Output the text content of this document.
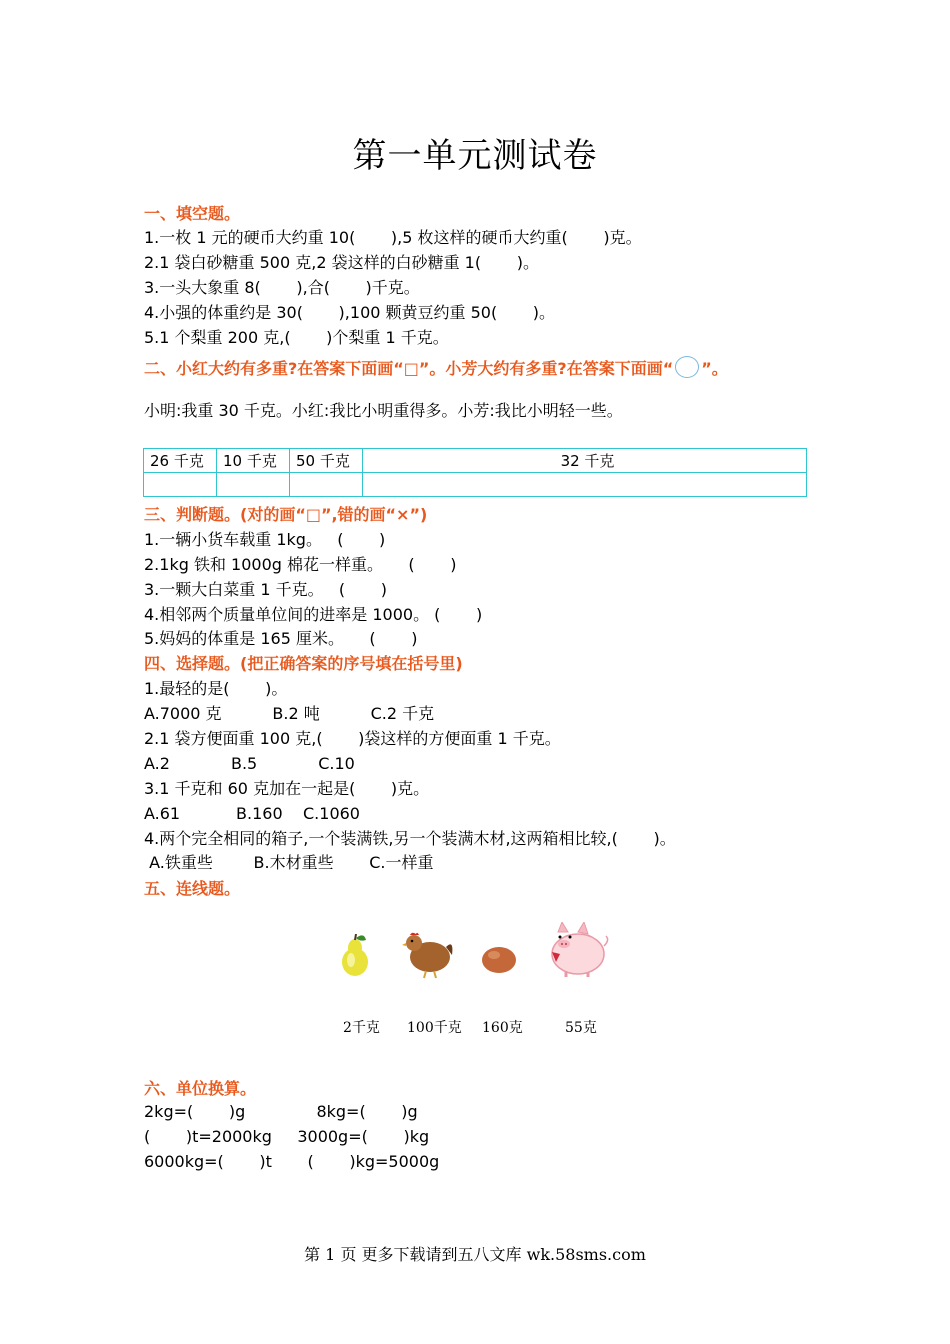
第一单元测试卷
一、填空题。
1.一枚 1 元的硬币大约重 10(       ),5 枚这样的硬币大约重(       )克。
2.1 袋白砂糖重 500 克,2 袋这样的白砂糖重 1(       )。
3.一头大象重 8(       ),合(       )千克。
4.小强的体重约是 30(       ),100 颗黄豆约重 50(       )。
5.1 个梨重 200 克,(       )个梨重 1 千克。
二、小红大约有多重?在答案下面画“□”。小芳大约有多重?在答案下面画“ ”。
小明:我重 30 千克。小红:我比小明重得多。小芳:我比小明轻一些。
26 千克	10 千克	50 千克	32 千克

三、判断题。(对的画“□”,错的画“×”)
1.一辆小货车载重 1kg。   (       )
2.1kg 铁和 1000g 棉花一样重。     (       )
3.一颗大白菜重 1 千克。   (       )
4.相邻两个质量单位间的进率是 1000。 (       )
5.妈妈的体重是 165 厘米。     (       )
四、选择题。(把正确答案的序号填在括号里)
1.最轻的是(       )。
A.7000 克          B.2 吨          C.2 千克
2.1 袋方便面重 100 克,(       )袋这样的方便面重 1 千克。
A.2            B.5            C.10
3.1 千克和 60 克加在一起是(       )克。
A.61           B.160    C.1060
4.两个完全相同的箱子,一个装满铁,另一个装满木材,这两箱相比较,(       )。
A.铁重些        B.木材重些       C.一样重
五、连线题。
2千克 100千克 160克	55克
六、单位换算。
2kg=(       )g              8kg=(       )g
(       )t=2000kg     3000g=(       )kg
6000kg=(       )t       (       )kg=5000g
第 1 页 更多下载请到五八文库 wk.58sms.com
